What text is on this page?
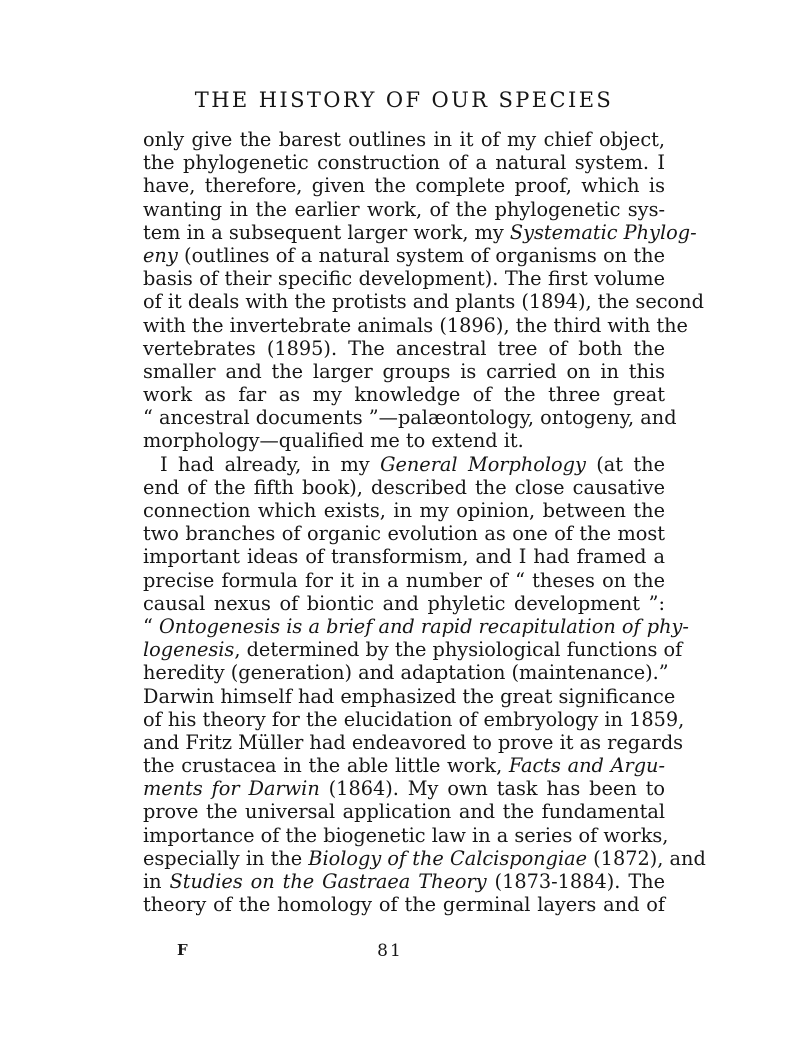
THE HISTORY OF OUR SPECIES
only give the barest outlines in it of my chief object,
the phylogenetic construction of a natural system. I
have, therefore, given the complete proof, which is
wanting in the earlier work, of the phylogenetic sys-
tem in a subsequent larger work, my Systematic Phylog-
eny (outlines of a natural system of organisms on the
basis of their specific development). The first volume
of it deals with the protists and plants (1894), the second
with the invertebrate animals (1896), the third with the
vertebrates (1895). The ancestral tree of both the
smaller and the larger groups is carried on in this
work as far as my knowledge of the three great
“ ancestral documents ”—palæontology, ontogeny, and
morphology—qualified me to extend it.
I had already, in my General Morphology (at the
end of the fifth book), described the close causative
connection which exists, in my opinion, between the
two branches of organic evolution as one of the most
important ideas of transformism, and I had framed a
precise formula for it in a number of “ theses on the
causal nexus of biontic and phyletic development ”:
“ Ontogenesis is a brief and rapid recapitulation of phy-
logenesis, determined by the physiological functions of
heredity (generation) and adaptation (maintenance).”
Darwin himself had emphasized the great significance
of his theory for the elucidation of embryology in 1859,
and Fritz Müller had endeavored to prove it as regards
the crustacea in the able little work, Facts and Argu-
ments for Darwin (1864). My own task has been to
prove the universal application and the fundamental
importance of the biogenetic law in a series of works,
especially in the Biology of the Calcispongiae (1872), and
in Studies on the Gastraea Theory (1873-1884). The
theory of the homology of the germinal layers and of
F	81
